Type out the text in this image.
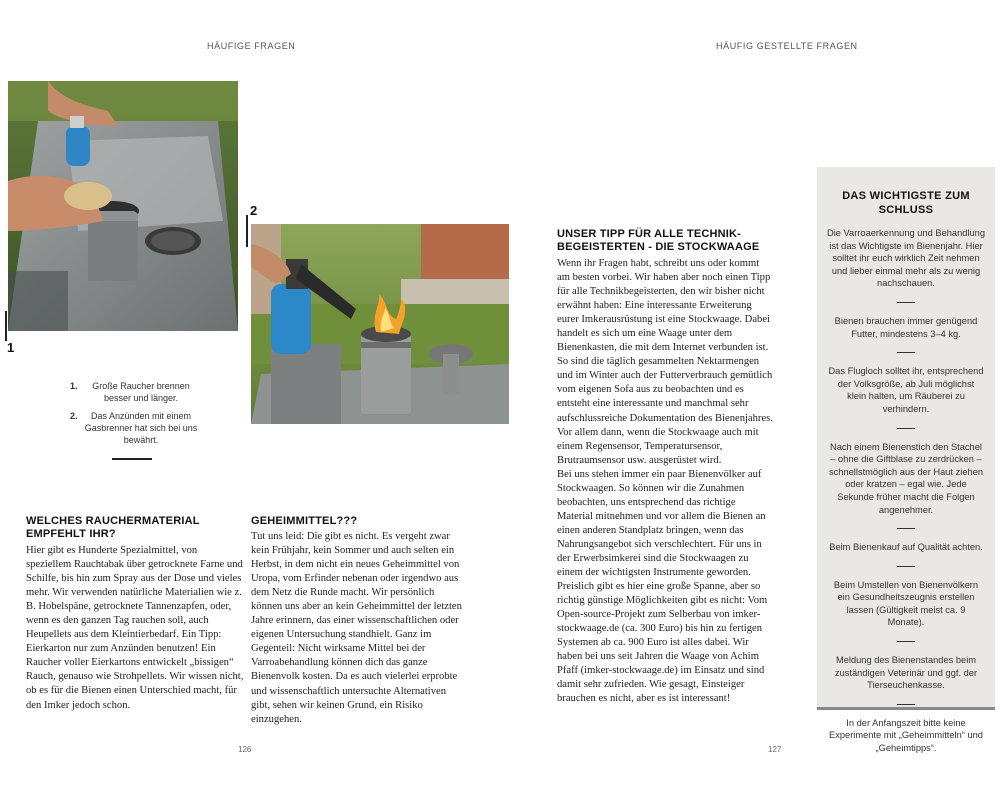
HÄUFIGE FRAGEN	HÄUFIG GESTELLTE FRAGEN
1
2
1.	Große Raucher brennen besser und länger.
2.	Das Anzünden mit einem Gasbrenner hat sich bei uns bewährt.
WELCHES RAUCHERMATERIAL EMPFEHLT IHR?

Hier gibt es Hunderte Spezialmittel, von speziellem Rauchtabak über getrocknete Farne und Schilfe, bis hin zum Spray aus der Dose und vieles mehr. Wir verwenden natürliche Materialien wie z. B. Hobelspäne, getrocknete Tannenzapfen, oder, wenn es den ganzen Tag rauchen soll, auch Heupellets aus dem Kleintierbedarf. Ein Tipp: Eierkarton nur zum Anzünden benutzen! Ein Raucher voller Eierkartons entwickelt „bissigen“ Rauch, genauso wie Strohpellets. Wir wissen nicht, ob es für die Bienen einen Unterschied macht, für den Imker jedoch schon.

GEHEIMMITTEL???

Tut uns leid: Die gibt es nicht. Es vergeht zwar kein Frühjahr, kein Sommer und auch selten ein Herbst, in dem nicht ein neues Geheimmittel von Uropa, vom Erfinder nebenan oder irgendwo aus dem Netz die Runde macht. Wir persönlich können uns aber an kein Geheimmittel der letzten Jahre erinnern, das einer wissenschaftlichen oder eigenen Untersuchung standhielt. Ganz im Gegenteil: Nicht wirksame Mittel bei der Varroabehandlung können dich das ganze Bienenvolk kosten. Da es auch vielerlei erprobte und wissenschaftlich untersuchte Alternativen gibt, sehen wir keinen Grund, ein Risiko einzugehen.

UNSER TIPP FÜR ALLE TECHNIK-BEGEISTERTEN - DIE STOCKWAAGE

Wenn ihr Fragen habt, schreibt uns oder kommt am besten vorbei. Wir haben aber noch einen Tipp für alle Technikbegeisterten, den wir bisher nicht erwähnt haben: Eine interessante Erweiterung eurer Imkerausrüstung ist eine Stockwaage. Dabei handelt es sich um eine Waage unter dem Bienenkasten, die mit dem Internet verbunden ist. So sind die täglich gesammelten Nektarmengen und im Winter auch der Futterverbrauch gemütlich vom eigenen Sofa aus zu beobachten und es entsteht eine interessante und manchmal sehr aufschlussreiche Dokumentation des Bienenjahres. Vor allem dann, wenn die Stockwaage auch mit einem Regensensor, Temperatursensor, Brutraumsensor usw. ausgerüstet wird.

Bei uns stehen immer ein paar Bienenvölker auf Stockwaagen. So können wir die Zunahmen beobachten, uns entsprechend das richtige Material mitnehmen und vor allem die Bienen an einen anderen Standplatz bringen, wenn das Nahrungsangebot sich verschlechtert. Für uns in der Erwerbsimkerei sind die Stockwaagen zu einem der wichtigsten Instrumente geworden.

Preislich gibt es hier eine große Spanne, aber so richtig günstige Möglichkeiten gibt es nicht: Vom Open-source-Projekt zum Selberbau von imker-stockwaage.de (ca. 300 Euro) bis hin zu fertigen Systemen ab ca. 900 Euro ist alles dabei. Wir haben bei uns seit Jahren die Waage von Achim Pfaff (imker-stockwaage.de) im Einsatz und sind damit sehr zufrieden. Wie gesagt, Einsteiger brauchen es nicht, aber es ist interessant!

DAS WICHTIGSTE ZUM SCHLUSS

Die Varroaerkennung und Behandlung ist das Wichtigste im Bienenjahr. Hier solltet ihr euch wirklich Zeit nehmen und lieber einmal mehr als zu wenig nachschauen.

Bienen brauchen immer genügend Futter, mindestens 3–4 kg.

Das Flugloch solltet ihr, entsprechend der Volksgröße, ab Juli möglichst klein halten, um Räuberei zu verhindern.

Nach einem Bienenstich den Stachel – ohne die Giftblase zu zerdrücken – schnellstmöglich aus der Haut ziehen oder kratzen – egal wie. Jede Sekunde früher macht die Folgen angenehmer.

Beim Bienenkauf auf Qualität achten.

Beim Umstellen von Bienenvölkern ein Gesundheitszeugnis erstellen lassen (Gültigkeit meist ca. 9 Monate).

Meldung des Bienenstandes beim zuständigen Veterinär und ggf. der Tierseuchenkasse.

In der Anfangszeit bitte keine Experimente mit „Geheimmitteln“ und „Geheimtipps“.

126	127
